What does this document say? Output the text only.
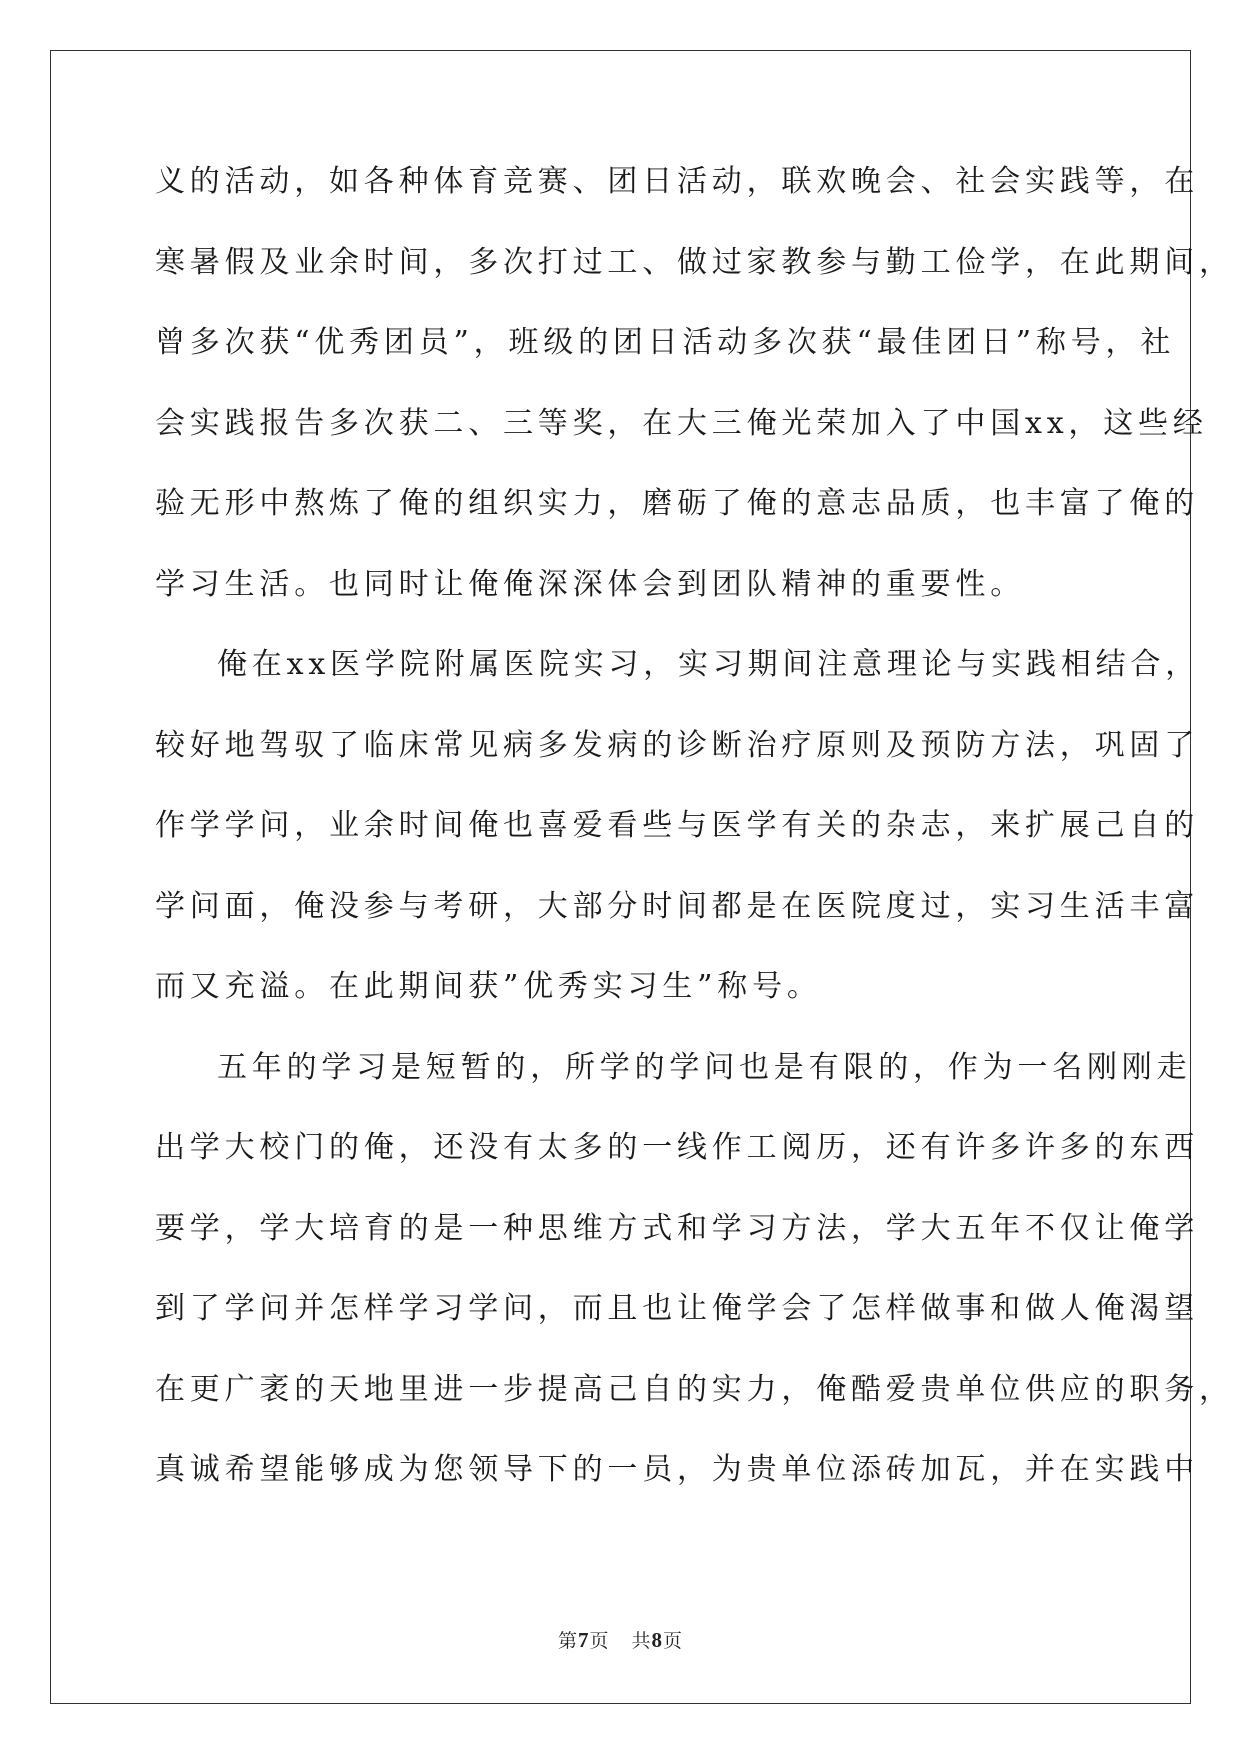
义的活动，如各种体育竞赛、团日活动，联欢晚会、社会实践等，在
寒暑假及业余时间，多次打过工、做过家教参与勤工俭学，在此期间，
曾多次获“优秀团员”，班级的团日活动多次获“最佳团日”称号，社
会实践报告多次获二、三等奖，在大三俺光荣加入了中国xx，这些经
验无形中熬炼了俺的组织实力，磨砺了俺的意志品质，也丰富了俺的
学习生活。也同时让俺俺深深体会到团队精神的重要性。
俺在xx医学院附属医院实习，实习期间注意理论与实践相结合，
较好地驾驭了临床常见病多发病的诊断治疗原则及预防方法，巩固了
作学学问，业余时间俺也喜爱看些与医学有关的杂志，来扩展己自的
学问面，俺没参与考研，大部分时间都是在医院度过，实习生活丰富
而又充溢。在此期间获”优秀实习生”称号。
五年的学习是短暂的，所学的学问也是有限的，作为一名刚刚走
出学大校门的俺，还没有太多的一线作工阅历，还有许多许多的东西
要学，学大培育的是一种思维方式和学习方法，学大五年不仅让俺学
到了学问并怎样学习学问，而且也让俺学会了怎样做事和做人俺渴望
在更广袤的天地里进一步提高己自的实力，俺酷爱贵单位供应的职务，
真诚希望能够成为您领导下的一员，为贵单位添砖加瓦，并在实践中
第7页 共8页
